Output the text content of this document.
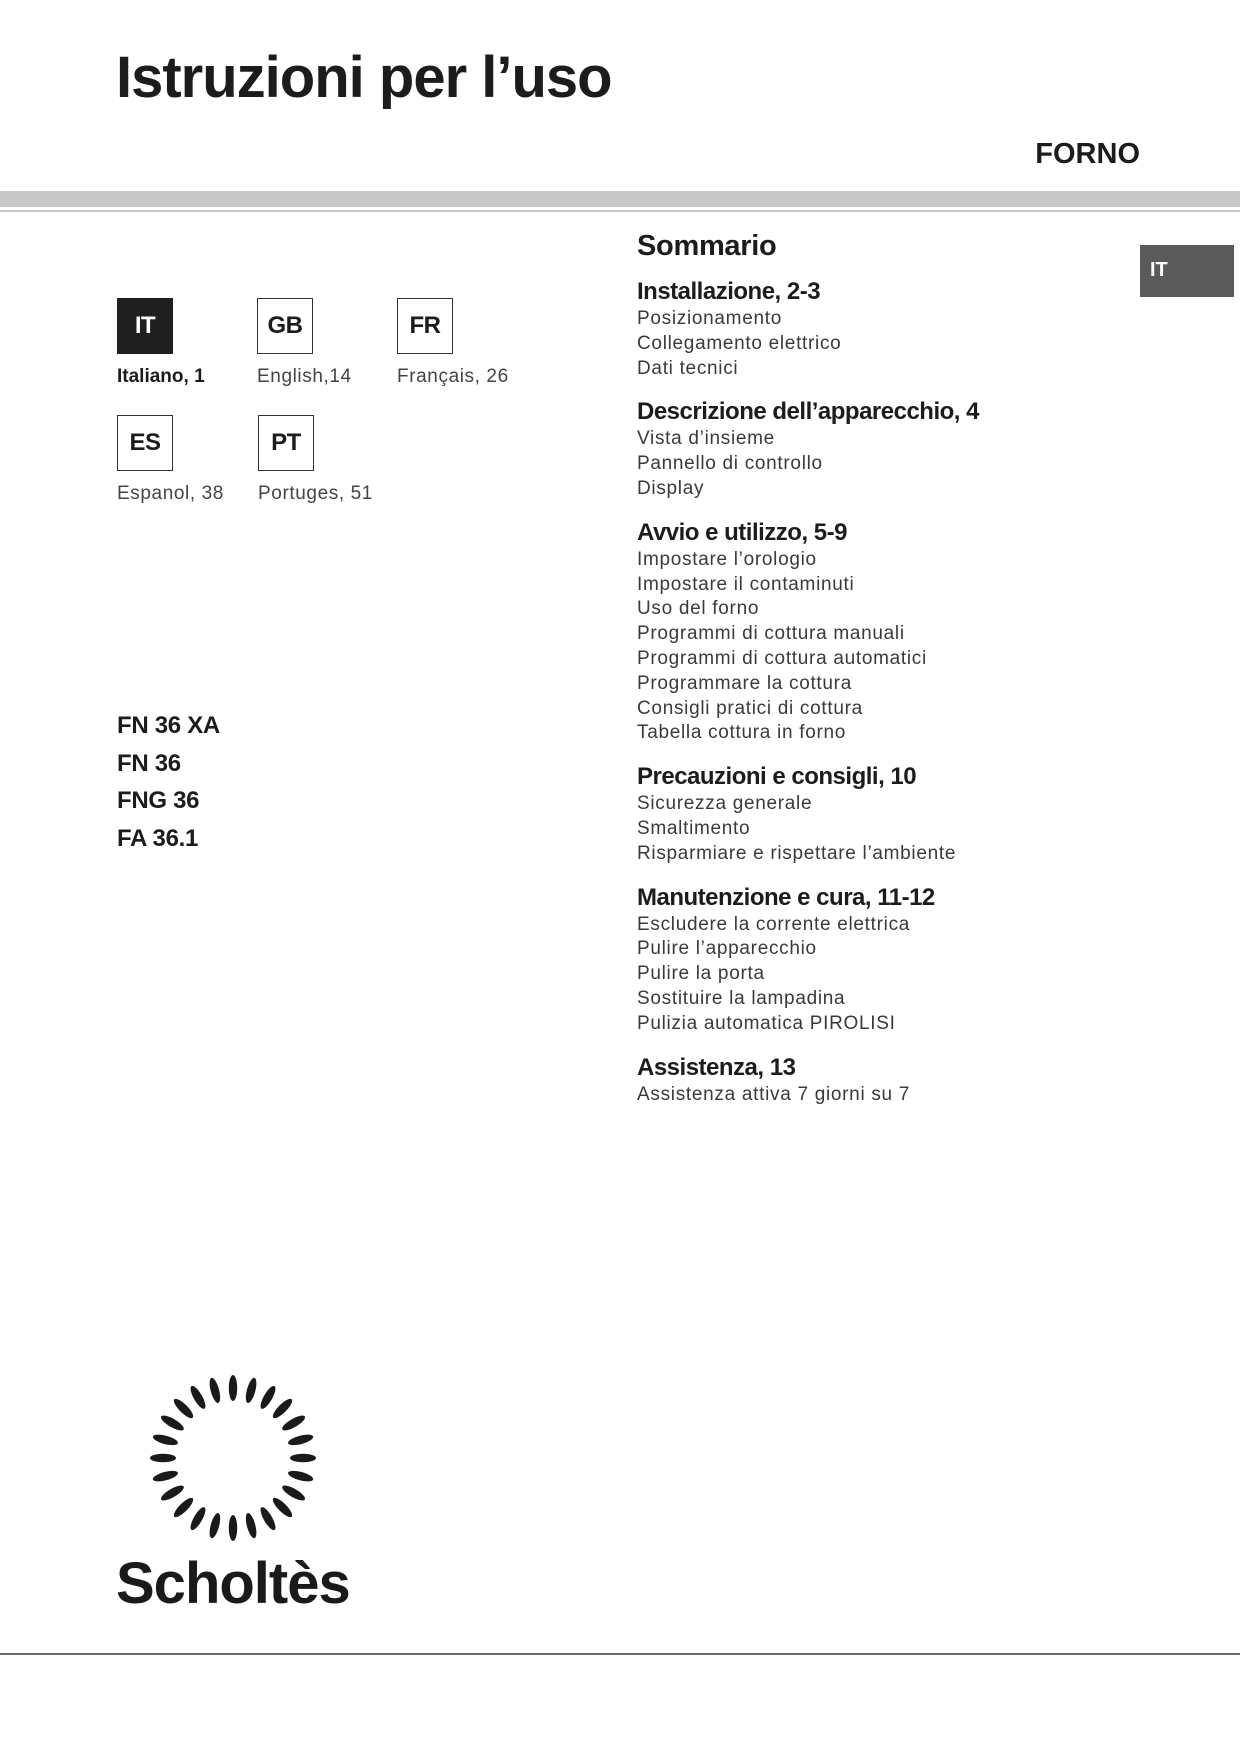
Istruzioni per l’uso
FORNO
IT
IT
Italiano, 1
GB
English,14
FR
Français, 26
ES
Espanol, 38
PT
Portuges, 51
FN 36 XA
FN 36
FNG 36
FA 36.1
Sommario
Installazione, 2-3
Posizionamento
Collegamento elettrico
Dati tecnici
Descrizione dell’apparecchio, 4
Vista d’insieme
Pannello di controllo
Display
Avvio e utilizzo, 5-9
Impostare l’orologio
Impostare il contaminuti
Uso del forno
Programmi di cottura manuali
Programmi di cottura automatici
Programmare la cottura
Consigli pratici di cottura
Tabella cottura in forno
Precauzioni e consigli, 10
Sicurezza generale
Smaltimento
Risparmiare e rispettare l’ambiente
Manutenzione e cura, 11-12
Escludere la corrente elettrica
Pulire l’apparecchio
Pulire la porta
Sostituire la lampadina
Pulizia automatica PIROLISI
Assistenza, 13
Assistenza attiva 7 giorni su 7
Scholtès
